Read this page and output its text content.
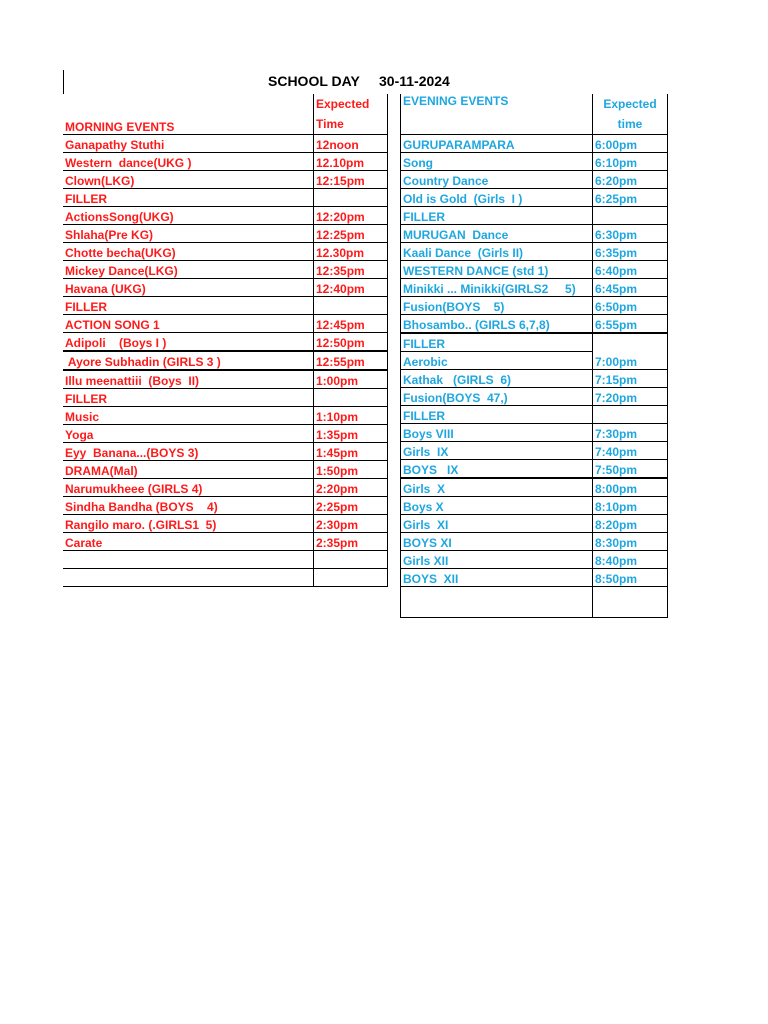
SCHOOL DAY     30-11-2024
MORNING EVENTS	Expected
Time
Ganapathy Stuthi	12noon
Western  dance(UKG )	12.10pm
Clown(LKG)	12:15pm
FILLER	
ActionsSong(UKG)	12:20pm
Shlaha(Pre KG)	12:25pm
Chotte becha(UKG)	12.30pm
Mickey Dance(LKG)	12:35pm
Havana (UKG)	12:40pm
FILLER	
ACTION SONG 1	12:45pm
Adipoli    (Boys I )	12:50pm
Ayore Subhadin (GIRLS 3 )	12:55pm
Illu meenattiii  (Boys  II)	1:00pm
FILLER	
Music	1:10pm
Yoga	1:35pm
Eyy  Banana...(BOYS 3)	1:45pm
DRAMA(Mal)	1:50pm
Narumukheee (GIRLS 4)	2:20pm
Sindha Bandha (BOYS    4)	2:25pm
Rangilo maro. (.GIRLS1  5)	2:30pm
Carate	2:35pm

EVENING EVENTS	Expected
time
GURUPARAMPARA	6:00pm
Song	6:10pm
Country Dance	6:20pm
Old is Gold  (Girls  I )	6:25pm
FILLER	
MURUGAN  Dance	6:30pm
Kaali Dance  (Girls II)	6:35pm
WESTERN DANCE (std 1)	6:40pm
Minikki ... Minikki(GIRLS2     5)	6:45pm
Fusion(BOYS    5)	6:50pm
Bhosambo.. (GIRLS 6,7,8)	6:55pm
FILLER	
Aerobic	7:00pm
Kathak   (GIRLS  6)	7:15pm
Fusion(BOYS  47,)	7:20pm
FILLER	
Boys VIII	7:30pm
Girls  IX	7:40pm
BOYS   IX	7:50pm
Girls  X	8:00pm
Boys X	8:10pm
Girls  XI	8:20pm
BOYS XI	8:30pm
Girls XII	8:40pm
BOYS  XII	8:50pm
